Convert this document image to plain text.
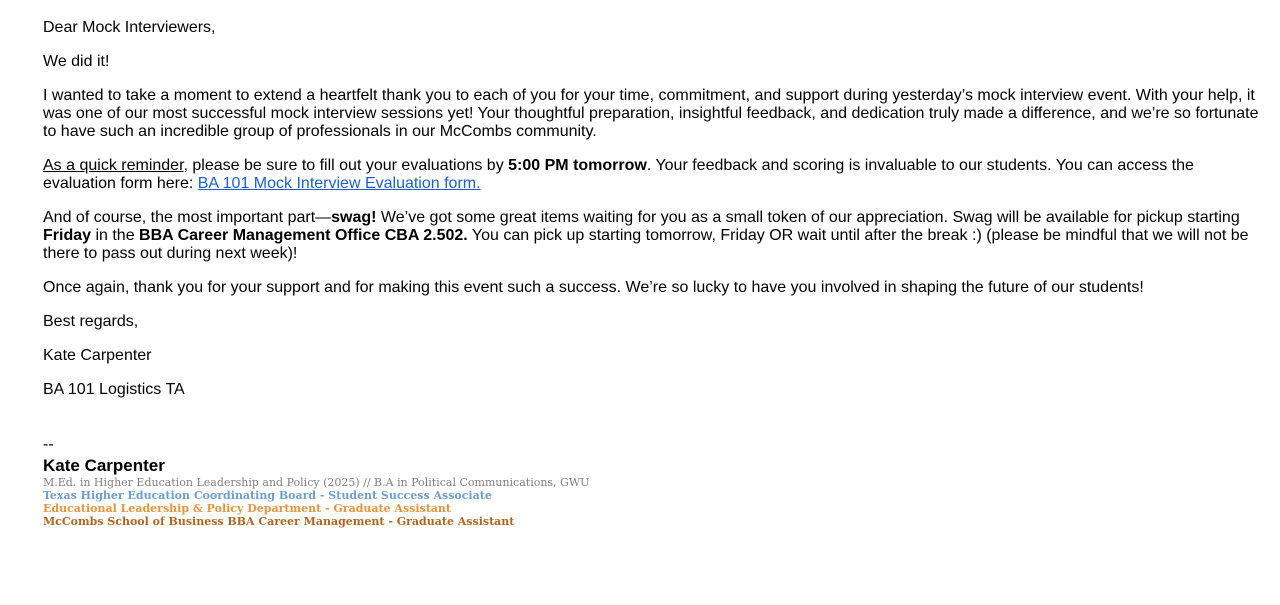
Dear Mock Interviewers,

We did it!

I wanted to take a moment to extend a heartfelt thank you to each of you for your time, commitment, and support during yesterday’s mock interview event. With your help, it was one of our most successful mock interview sessions yet! Your thoughtful preparation, insightful feedback, and dedication truly made a difference, and we’re so fortunate to have such an incredible group of professionals in our McCombs community.

As a quick reminder, please be sure to fill out your evaluations by 5:00 PM tomorrow. Your feedback and scoring is invaluable to our students. You can access the evaluation form here: BA 101 Mock Interview Evaluation form.

And of course, the most important part—swag! We’ve got some great items waiting for you as a small token of our appreciation. Swag will be available for pickup starting Friday in the BBA Career Management Office CBA 2.502. You can pick up starting tomorrow, Friday OR wait until after the break :) (please be mindful that we will not be there to pass out during next week)!

Once again, thank you for your support and for making this event such a success. We’re so lucky to have you involved in shaping the future of our students!

Best regards,

Kate Carpenter

BA 101 Logistics TA

--
Kate Carpenter
M.Ed. in Higher Education Leadership and Policy (2025) // B.A in Political Communications, GWU
Texas Higher Education Coordinating Board - Student Success Associate
Educational Leadership & Policy Department - Graduate Assistant
McCombs School of Business BBA Career Management - Graduate Assistant
